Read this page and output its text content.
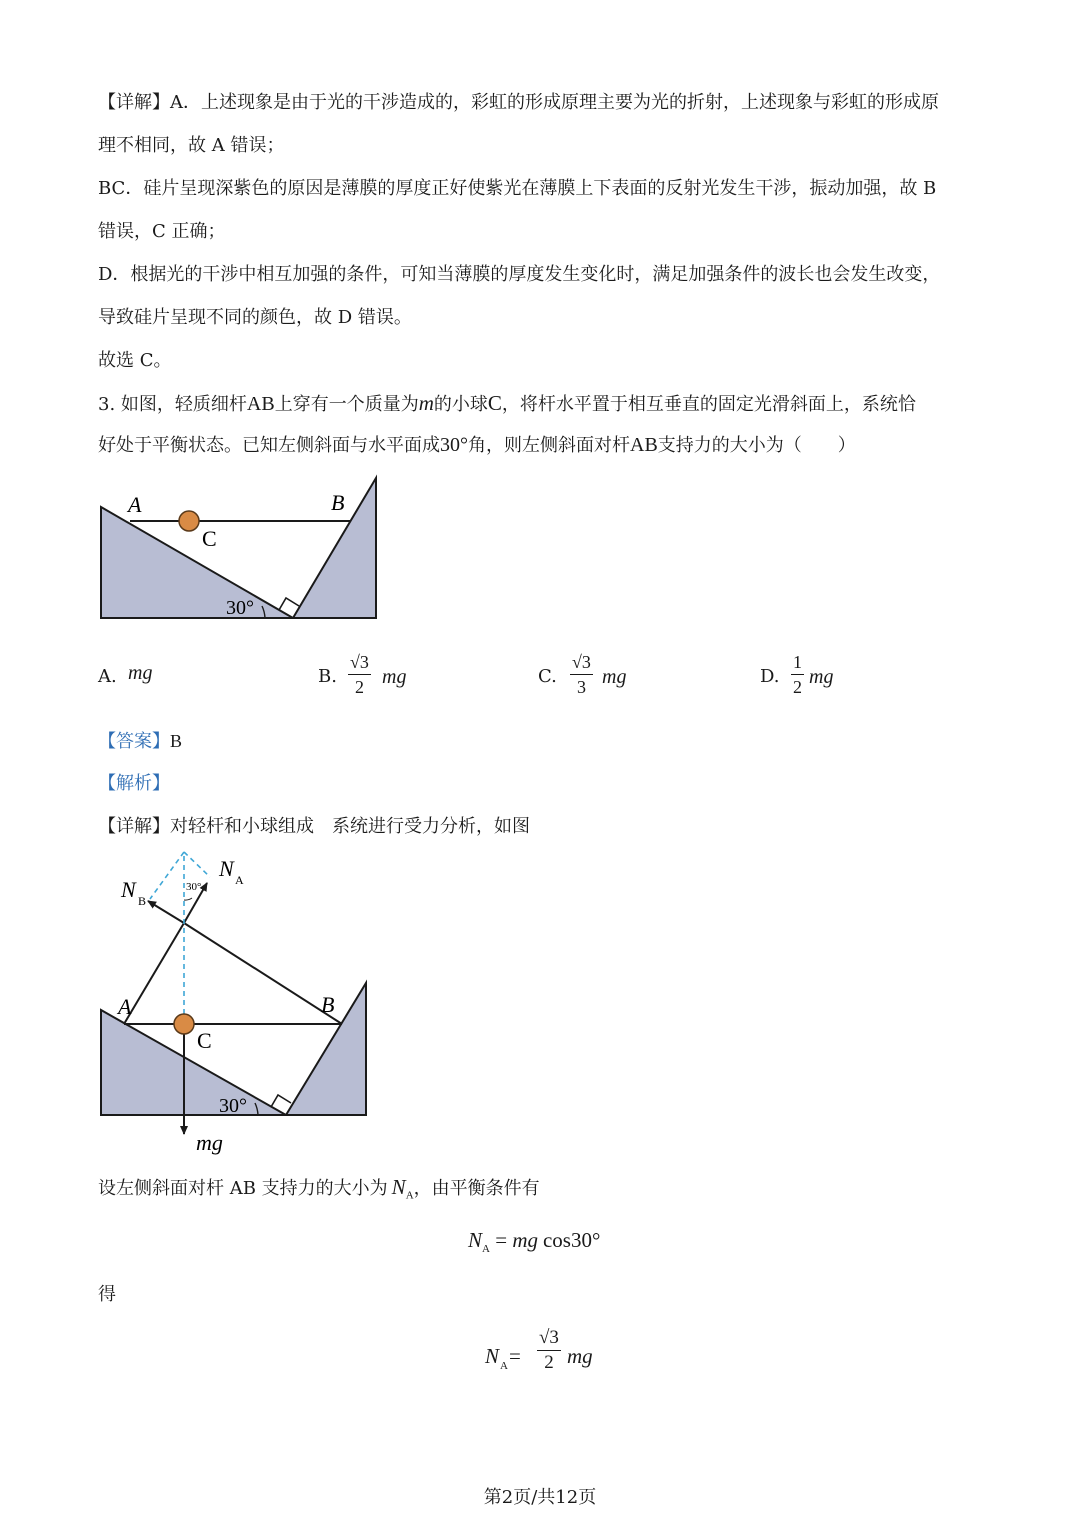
【详解】A．上述现象是由于光的干涉造成的，彩虹的形成原理主要为光的折射，上述现象与彩虹的形成原
理不相同，故 A 错误；
BC．硅片呈现深紫色的原因是薄膜的厚度正好使紫光在薄膜上下表面的反射光发生干涉，振动加强，故 B
错误，C 正确；
D．根据光的干涉中相互加强的条件，可知当薄膜的厚度发生变化时，满足加强条件的波长也会发生改变，
导致硅片呈现不同的颜色，故 D 错误。
故选 C。
3. 如图，轻质细杆AB上穿有一个质量为m的小球C，将杆水平置于相互垂直的固定光滑斜面上，系统恰
好处于平衡状态。已知左侧斜面与水平面成30°角，则左侧斜面对杆AB支持力的大小为（　　）
A	B
C
30°
A. mg	B. $\frac{√3}{2}$ mg	C. $\frac{√3}{3}$ mg	D. $\frac{1}{2}$ mg
【答案】B
【解析】
【详解】对轻杆和小球组成　系统进行受力分析，如图
30°
N A
N B
A	B
C
30°
mg
设左侧斜面对杆 AB 支持力的大小为 $N_A$，由平衡条件有
$N_A$ = mg cos30°
得
N $A = \frac{√3}{2}$ mg
第2页/共12页
